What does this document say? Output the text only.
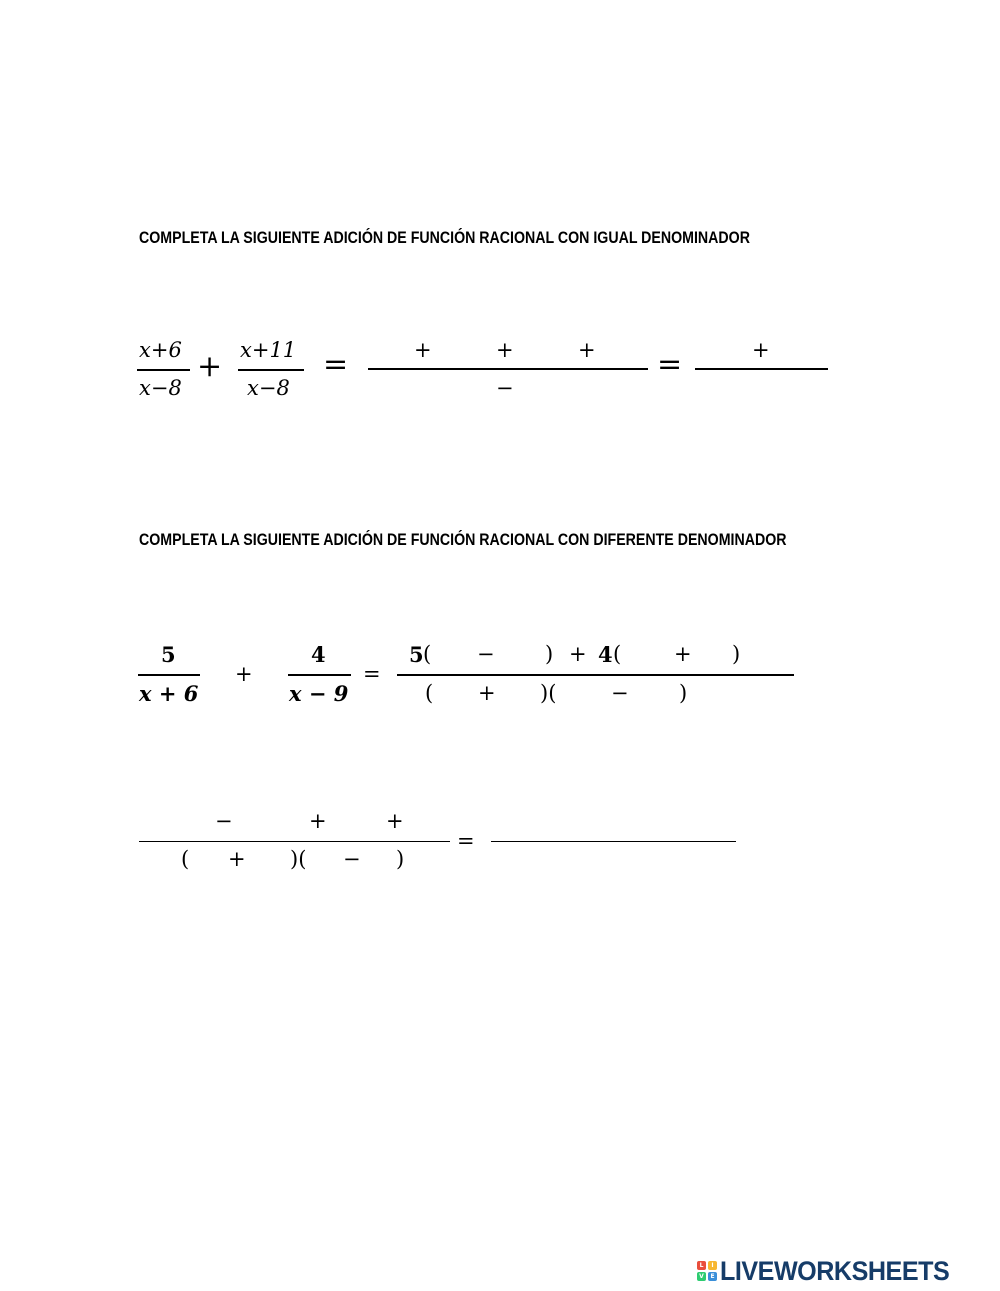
COMPLETA LA SIGUIENTE ADICIÓN DE FUNCIÓN RACIONAL CON IGUAL DENOMINADOR
x+6
x−8
+ x+11
x−8
=	+	+	+
−
=	+
COMPLETA LA SIGUIENTE ADICIÓN DE FUNCIÓN RACIONAL CON DIFERENTE DENOMINADOR
5
x + 6
+
4
x − 9
=
5 ( − ) + 4 (	+ )
( + )(	− )
−	+	+
( + )( − )
=
L	I
V	E LIVEWORKSHEETS
